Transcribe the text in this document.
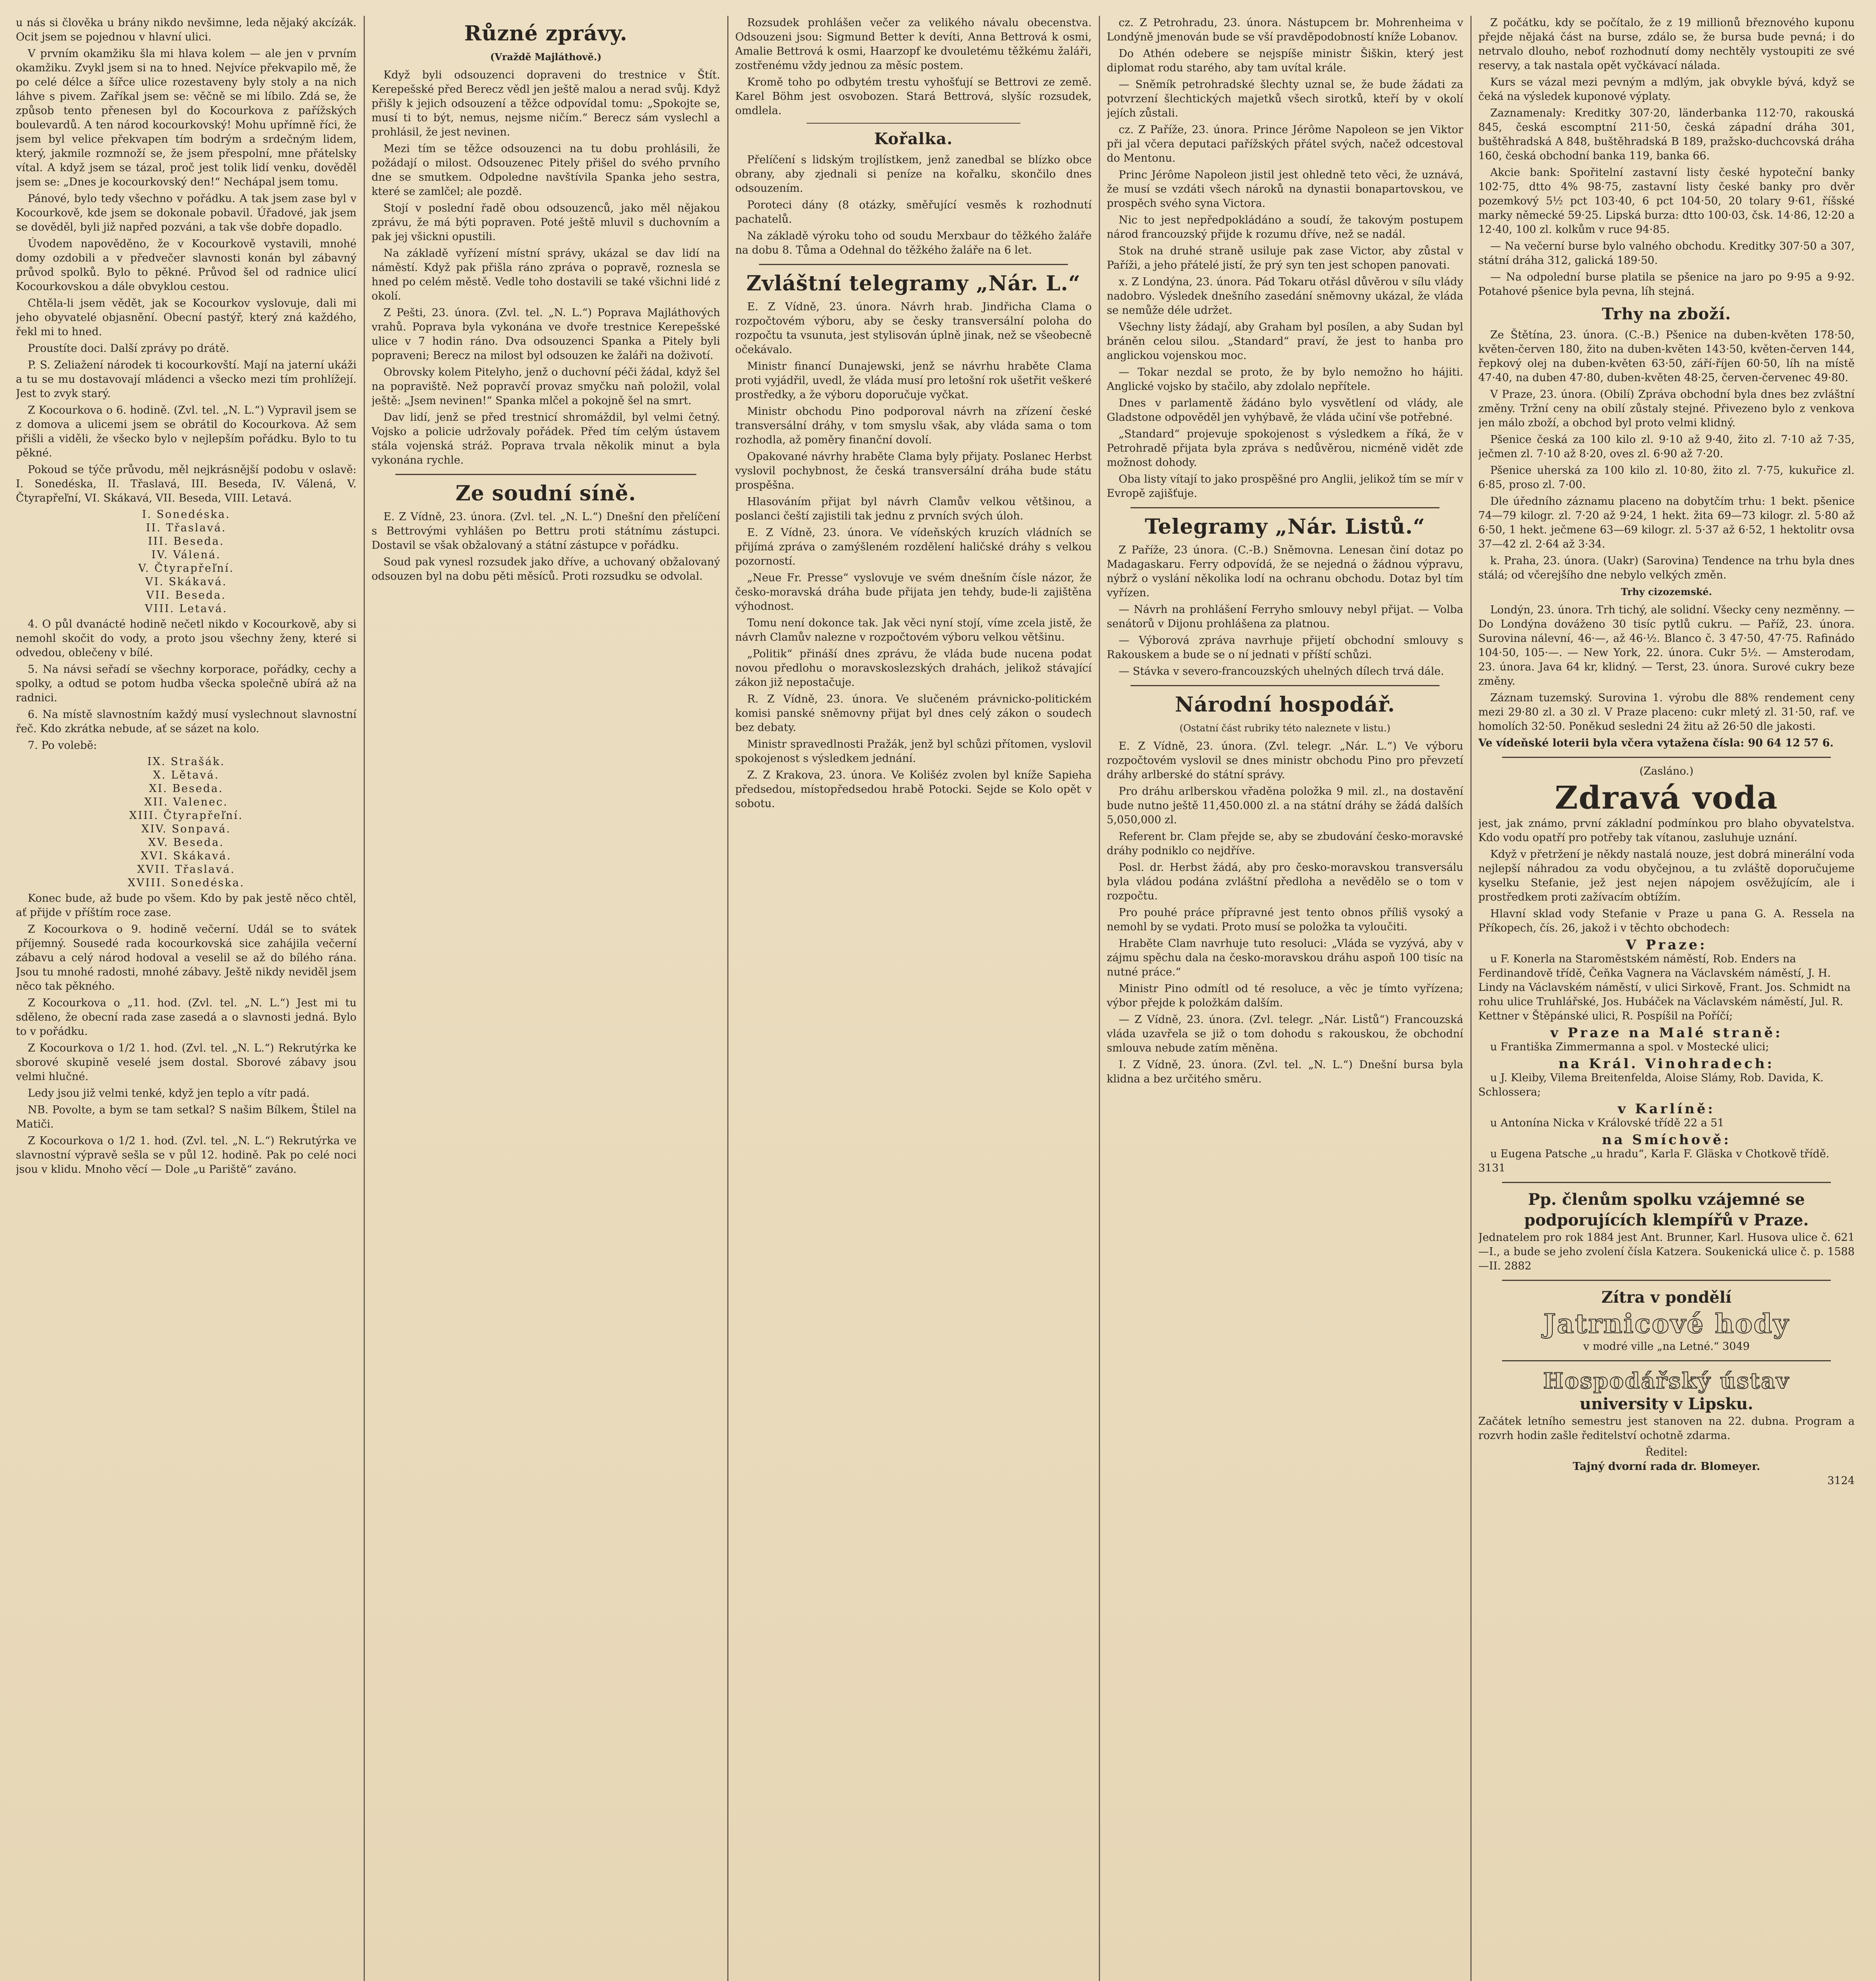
u nás si člověka u brány nikdo nevšimne, leda nějaký akcízák. Ocit jsem se pojednou v hlavní ulici.

V prvním okamžiku šla mi hlava kolem — ale jen v prvním okamžiku. Zvykl jsem si na to hned. Nejvíce překvapilo mě, že po celé délce a šířce ulice rozestaveny byly stoly a na nich láhve s pivem. Zaříkal jsem se: věčně se mi líbilo. Zdá se, že způsob tento přenesen byl do Kocourkova z pařížských boulevardů. A ten národ kocourkovský! Mohu upřímně říci, že jsem byl velice překvapen tím bodrým a srdečným lidem, který, jakmile rozmnoží se, že jsem přespolní, mne přátelsky vítal. A když jsem se tázal, proč jest tolik lidí venku, dověděl jsem se: „Dnes je kocourkovský den!“ Nechápal jsem tomu.

Pánové, bylo tedy všechno v pořádku. A tak jsem zase byl v Kocourkově, kde jsem se dokonale pobavil. Úřadové, jak jsem se dověděl, byli již napřed pozváni, a tak vše dobře dopadlo.

Úvodem napověděno, že v Kocourkově vystavili, mnohé domy ozdobili a v předvečer slavnosti konán byl zábavný průvod spolků. Bylo to pěkné. Průvod šel od radnice ulicí Kocourkovskou a dále obvyklou cestou.

Chtěla-li jsem vědět, jak se Kocourkov vyslovuje, dali mi jeho obyvatelé objasnění. Obecní pastýř, který zná každého, řekl mi to hned.

Proustíte doci. Další zprávy po drátě.

P. S. Zeliažení národek ti kocourkovští. Mají na jaterní ukáži a tu se mu dostavovají mládenci a všecko mezi tím prohlížejí. Jest to zvyk starý.

Z Kocourkova o 6. hodině. (Zvl. tel. „N. L.“) Vypravil jsem se z domova a ulicemi jsem se obrátil do Kocourkova. Až sem přišli a viděli, že všecko bylo v nejlepším pořádku. Bylo to tu pěkné.

Pokoud se týče průvodu, měl nejkrásnější podobu v oslavě: I. Sonedéska, II. Třaslavá, III. Beseda, IV. Válená, V. Čtyrapřeľní, VI. Skákavá, VII. Beseda, VIII. Letavá.

I. Sonedéska.
II. Třaslavá.
III. Beseda.
IV. Válená.
V. Čtyrapřeľní.
VI. Skákavá.
VII. Beseda.
VIII. Letavá.

4. O půl dvanácté hodině nečetl nikdo v Kocourkově, aby si nemohl skočit do vody, a proto jsou všechny ženy, které si odvedou, oblečeny v bílé.

5. Na návsi seřadí se všechny korporace, pořádky, cechy a spolky, a odtud se potom hudba všecka společně ubírá až na radnici.

6. Na místě slavnostním každý musí vyslechnout slavnostní řeč. Kdo zkrátka nebude, ať se sázet na kolo.

7. Po volebě:

IX. Strašák.
X. Lětavá.
XI. Beseda.
XII. Valenec.
XIII. Čtyrapřeľní.
XIV. Sonpavá.
XV. Beseda.
XVI. Skákavá.
XVII. Třaslavá.
XVIII. Sonedéska.

Konec bude, až bude po všem. Kdo by pak jestě něco chtěl, ať přijde v příštím roce zase.

Z Kocourkova o 9. hodině večerní. Udál se to svátek příjemný. Sousedé rada kocourkovská sice zahájila večerní zábavu a celý národ hodoval a veselil se až do bílého rána. Jsou tu mnohé radosti, mnohé zábavy. Ještě nikdy neviděl jsem něco tak pěkného.

Z Kocourkova o „11. hod. (Zvl. tel. „N. L.“) Jest mi tu sděleno, že obecní rada zase zasedá a o slavnosti jedná. Bylo to v pořádku.

Z Kocourkova o 1/2 1. hod. (Zvl. tel. „N. L.“) Rekrutýrka ke sborové skupině veselé jsem dostal. Sborové zábavy jsou velmi hlučné.

Ledy jsou již velmi tenké, když jen teplo a vítr padá.

NB. Povolte, a bym se tam setkal? S našim Bílkem, Štilel na Matiči.

Z Kocourkova o 1/2 1. hod. (Zvl. tel. „N. L.“) Rekrutýrka ve slavnostní výpravě sešla se v půl 12. hodině. Pak po celé noci jsou v klidu. Mnoho věcí — Dole „u Pariště“ zaváno.

Různé zprávy.
(Vraždě Majláthově.)

Když byli odsouzenci dopraveni do trestnice v Štít. Kerepešské před Berecz vědl jen ještě malou a nerad svůj. Když přišly k jejich odsouzení a těžce odpovídal tomu: „Spokojte se, musí ti to být, nemus, nejsme ničím.“ Berecz sám vyslechl a prohlásil, že jest nevinen.

Mezi tím se těžce odsouzenci na tu dobu prohlásili, že požádají o milost. Odsouzenec Pitely přišel do svého prvního dne se smutkem. Odpoledne navštívila Spanka jeho sestra, které se zamlčel; ale pozdě.

Stojí v poslední řadě obou odsouzenců, jako měl nějakou zprávu, že má býti popraven. Poté ještě mluvil s duchovním a pak jej všickni opustili.

Na základě vyřízení místní správy, ukázal se dav lidí na náměstí. Když pak přišla ráno zpráva o popravě, roznesla se hned po celém městě. Vedle toho dostavili se také všichni lidé z okolí.

Z Pešti, 23. února. (Zvl. tel. „N. L.“) Poprava Majláthových vrahů. Poprava byla vykonána ve dvoře trestnice Kerepešské ulice v 7 hodin ráno. Dva odsouzenci Spanka a Pitely byli popraveni; Berecz na milost byl odsouzen ke žaláři na doživotí.

Obrovsky kolem Pitelyho, jenž o duchovní péči žádal, když šel na popraviště. Než popravčí provaz smyčku naň položil, volal ještě: „Jsem nevinen!“ Spanka mlčel a pokojně šel na smrt.

Dav lidí, jenž se před trestnicí shromáždil, byl velmi četný. Vojsko a policie udržovaly pořádek. Před tím celým ústavem stála vojenská stráž. Poprava trvala několik minut a byla vykonána rychle.

Ze soudní síně.

E. Z Vídně, 23. února. (Zvl. tel. „N. L.“) Dnešní den přelíčení s Bettrovými vyhlášen po Bettru proti státnímu zástupci. Dostavil se však obžalovaný a státní zástupce v pořádku.

Soud pak vynesl rozsudek jako dříve, a uchovaný obžalovaný odsouzen byl na dobu pěti měsíců. Proti rozsudku se odvolal.

Rozsudek prohlášen večer za velikého návalu obecenstva. Odsouzeni jsou: Sigmund Better k devíti, Anna Bettrová k osmi, Amalie Bettrová k osmi, Haarzopf ke dvouletému těžkému žaláři, zostřenému vždy jednou za měsíc postem.

Kromě toho po odbytém trestu vyhošťují se Bettrovi ze země. Karel Böhm jest osvobozen. Stará Bettrová, slyšíc rozsudek, omdlela.

Kořalka.

Přelíčení s lidským trojlístkem, jenž zanedbal se blízko obce obrany, aby zjednali si peníze na kořalku, skončilo dnes odsouzením.

Poroteci dány (8 otázky, směřující vesměs k rozhodnutí pachatelů.

Na základě výroku toho od soudu Merxbaur do těžkého žaláře na dobu 8. Tůma a Odehnal do těžkého žaláře na 6 let.

Zvláštní telegramy „Nár. L.“

E. Z Vídně, 23. února. Návrh hrab. Jindřicha Clama o rozpočtovém výboru, aby se česky transversální poloha do rozpočtu ta vsunuta, jest stylisován úplně jinak, než se všeobecně očekávalo.

Ministr financí Dunajewski, jenž se návrhu hraběte Clama proti vyjádřil, uvedl, že vláda musí pro letošní rok ušetřit veškeré prostředky, a že výboru doporučuje vyčkat.

Ministr obchodu Pino podporoval návrh na zřízení české transversální dráhy, v tom smyslu však, aby vláda sama o tom rozhodla, až poměry finanční dovolí.

Opakované návrhy hraběte Clama byly přijaty. Poslanec Herbst vyslovil pochybnost, že česká transversální dráha bude státu prospěšna.

Hlasováním přijat byl návrh Clamův velkou většinou, a poslanci čeští zajistili tak jednu z prvních svých úloh.

E. Z Vídně, 23. února. Ve vídeňských kruzích vládních se přijímá zpráva o zamýšleném rozdělení haličské dráhy s velkou pozorností.

„Neue Fr. Presse“ vyslovuje ve svém dnešním čísle názor, že česko-moravská dráha bude přijata jen tehdy, bude-li zajištěna výhodnost.

Tomu není dokonce tak. Jak věci nyní stojí, víme zcela jistě, že návrh Clamův nalezne v rozpočtovém výboru velkou většinu.

„Politik“ přináší dnes zprávu, že vláda bude nucena podat novou předlohu o moravskoslezských drahách, jelikož stávající zákon již nepostačuje.

R. Z Vídně, 23. února. Ve slučeném právnicko-politickém komisi panské sněmovny přijat byl dnes celý zákon o soudech bez debaty.

Ministr spravedlnosti Pražák, jenž byl schůzi přítomen, vyslovil spokojenost s výsledkem jednání.

Z. Z Krakova, 23. února. Ve Kolišéz zvolen byl kníže Sapieha předsedou, místopředsedou hrabě Potocki. Sejde se Kolo opět v sobotu.

cz. Z Petrohradu, 23. února. Nástupcem br. Mohrenheima v Londýně jmenován bude se vší pravděpodobností kníže Lobanov.

Do Athén odebere se nejspíše ministr Šiškin, který jest diplomat rodu starého, aby tam uvítal krále.

— Sněmík petrohradské šlechty uznal se, že bude žádati za potvrzení šlechtických majetků všech sirotků, kteří by v okolí jejích zůstali.

cz. Z Paříže, 23. února. Prince Jérôme Napoleon se jen Viktor při jal včera deputaci pařížských přátel svých, načež odcestoval do Mentonu.

Princ Jérôme Napoleon jistil jest ohledně teto věci, že uznává, že musí se vzdáti všech nároků na dynastii bonapartovskou, ve prospěch svého syna Victora.

Nic to jest nepředpokládáno a soudí, že takovým postupem národ francouzský přijde k rozumu dříve, než se nadál.

Stok na druhé straně usiluje pak zase Victor, aby zůstal v Paříži, a jeho přátelé jistí, že prý syn ten jest schopen panovati.

x. Z Londýna, 23. února. Pád Tokaru otřásl důvěrou v sílu vlády nadobro. Výsledek dnešního zasedání sněmovny ukázal, že vláda se nemůže déle udržet.

Všechny listy žádají, aby Graham byl posílen, a aby Sudan byl bráněn celou silou. „Standard“ praví, že jest to hanba pro anglickou vojenskou moc.

— Tokar nezdal se proto, že by bylo nemožno ho hájiti. Anglické vojsko by stačilo, aby zdolalo nepřítele.

Dnes v parlamentě žádáno bylo vysvětlení od vlády, ale Gladstone odpověděl jen vyhýbavě, že vláda učiní vše potřebné.

„Standard“ projevuje spokojenost s výsledkem a říká, že v Petrohradě přijata byla zpráva s nedůvěrou, nicméně vidět zde možnost dohody.

Oba listy vítají to jako prospěšné pro Anglii, jelikož tím se mír v Evropě zajišťuje.

Telegramy „Nár. Listů.“

Z Paříže, 23 února. (C.-B.) Sněmovna. Lenesan činí dotaz po Madagaskaru. Ferry odpovídá, že se nejedná o žádnou výpravu, nýbrž o vyslání několika lodí na ochranu obchodu. Dotaz byl tím vyřízen.

— Návrh na prohlášení Ferryho smlouvy nebyl přijat. — Volba senátorů v Dijonu prohlášena za platnou.

— Výborová zpráva navrhuje přijetí obchodní smlouvy s Rakouskem a bude se o ní jednati v příští schůzi.

— Stávka v severo-francouzských uhelných dílech trvá dále.

Národní hospodář.
(Ostatní část rubriky této naleznete v listu.)

E. Z Vídně, 23. února. (Zvl. telegr. „Nár. L.“) Ve výboru rozpočtovém vyslovil se dnes ministr obchodu Pino pro převzetí dráhy arlberské do státní správy.

Pro dráhu arlberskou vřaděna položka 9 mil. zl., na dostavění bude nutno ještě 11,450.000 zl. a na státní dráhy se žádá dalších 5,050,000 zl.

Referent br. Clam přejde se, aby se zbudování česko-moravské dráhy podniklo co nejdříve.

Posl. dr. Herbst žádá, aby pro česko-moravskou transversálu byla vládou podána zvláštní předloha a nevědělo se o tom v rozpočtu.

Pro pouhé práce přípravné jest tento obnos příliš vysoký a nemohl by se vydati. Proto musí se položka ta vyloučiti.

Hraběte Clam navrhuje tuto resoluci: „Vláda se vyzývá, aby v zájmu spěchu dala na česko-moravskou dráhu aspoň 100 tisíc na nutné práce.“

Ministr Pino odmítl od té resoluce, a věc je tímto vyřízena; výbor přejde k položkám dalším.

— Z Vídně, 23. února. (Zvl. telegr. „Nár. Listů“) Francouzská vláda uzavřela se již o tom dohodu s rakouskou, že obchodní smlouva nebude zatím měněna.

I. Z Vídně, 23. února. (Zvl. tel. „N. L.“) Dnešní bursa byla klidna a bez určitého směru.

Z počátku, kdy se počítalo, že z 19 millionů březnového kuponu přejde nějaká část na burse, zdálo se, že bursa bude pevná; i do netrvalo dlouho, neboť rozhodnutí domy nechtěly vystoupiti ze své reservy, a tak nastala opět vyčkávací nálada.

Kurs se vázal mezi pevným a mdlým, jak obvykle bývá, když se čeká na výsledek kuponové výplaty.

Zaznamenaly: Kreditky 307·20, länderbanka 112·70, rakouská 845, česká escomptní 211·50, česká západní dráha 301, buštěhradská A 848, buštěhradská B 189, pražsko-duchcovská dráha 160, česká obchodní banka 119, banka 66.

Akcie bank: Spořitelní zastavní listy české hypoteční banky 102·75, dtto 4% 98·75, zastavní listy české banky pro dvěr pozemkový 5½ pct 103·40, 6 pct 104·50, 20 tolary 9·61, říšské marky německé 59·25. Lipská burza: dtto 100·03, čsk. 14·86, 12·20 a 12·40, 100 zl. kolkům v ruce 94·85.

— Na večerní burse bylo valného obchodu. Kreditky 307·50 a 307, státní dráha 312, galická 189·50.

— Na odpolední burse platila se pšenice na jaro po 9·95 a 9·92. Potahové pšenice byla pevna, líh stejná.

Trhy na zboží.

Ze Štětína, 23. února. (C.-B.) Pšenice na duben-květen 178·50, květen-červen 180, žito na duben-květen 143·50, květen-červen 144, řepkový olej na duben-květen 63·50, září-říjen 60·50, líh na místě 47·40, na duben 47·80, duben-květen 48·25, červen-červenec 49·80.

V Praze, 23. února. (Obilí) Zpráva obchodní byla dnes bez zvláštní změny. Tržní ceny na obilí zůstaly stejné. Přivezeno bylo z venkova jen málo zboží, a obchod byl proto velmi klidný.

Pšenice česká za 100 kilo zl. 9·10 až 9·40, žito zl. 7·10 až 7·35, ječmen zl. 7·10 až 8·20, oves zl. 6·90 až 7·20.

Pšenice uherská za 100 kilo zl. 10·80, žito zl. 7·75, kukuřice zl. 6·85, proso zl. 7·00.

Dle úředního záznamu placeno na dobytčím trhu: 1 bekt. pšenice 74—79 kilogr. zl. 7·20 až 9·24, 1 hekt. žita 69—73 kilogr. zl. 5·80 až 6·50, 1 hekt. ječmene 63—69 kilogr. zl. 5·37 až 6·52, 1 hektolitr ovsa 37—42 zl. 2·64 až 3·34.

k. Praha, 23. února. (Uakr) (Sarovina) Tendence na trhu byla dnes stálá; od včerejšího dne nebylo velkých změn.

Trhy cizozemské.

Londýn, 23. února. Trh tichý, ale solidní. Všecky ceny nezměnny. — Do Londýna dováženo 30 tisíc pytlů cukru. — Paříž, 23. února. Surovina nálevní, 46·—, až 46·½. Blanco č. 3 47·50, 47·75. Rafinádo 104·50, 105·—. — New York, 22. února. Cukr 5½. — Amsterodam, 23. února. Java 64 kr, klidný. — Terst, 23. února. Surové cukry beze změny.

Záznam tuzemský. Surovina 1. výrobu dle 88% rendement ceny mezi 29·80 zl. a 30 zl. V Praze placeno: cukr mletý zl. 31·50, raf. ve homolích 32·50. Poněkud sesledni 24 žitu až 26·50 dle jakosti.

Ve vídeňské loterii byla včera vytažena čísla: 90 64 12 57 6.

(Zasláno.)
Zdravá voda

jest, jak známo, první základní podmínkou pro blaho obyvatelstva. Kdo vodu opatří pro potřeby tak vítanou, zasluhuje uznání.

Když v přetržení je někdy nastalá nouze, jest dobrá minerální voda nejlepší náhradou za vodu obyčejnou, a tu zvláště doporučujeme kyselku Stefanie, jež jest nejen nápojem osvěžujícím, ale i prostředkem proti zažívacím obtížím.

Hlavní sklad vody Stefanie v Praze u pana G. A. Ressela na Příkopech, čís. 26, jakož i v těchto obchodech:

V Praze:

u F. Konerla na Staroměstském náměstí, Rob. Enders na Ferdinandově třídě, Čeňka Vagnera na Václavském náměstí, J. H. Lindy na Václavském náměstí, v ulici Sirkově, Frant. Jos. Schmidt na rohu ulice Truhlářské, Jos. Hubáček na Václavském náměstí, Jul. R. Kettner v Štěpánské ulici, R. Pospíšil na Poříčí;

v Praze na Malé straně:

u Františka Zimmermanna a spol. v Mostecké ulici;

na Král. Vinohradech:

u J. Kleiby, Vilema Breitenfelda, Aloise Slámy, Rob. Davida, K. Schlossera;

v Karlíně:

u Antonína Nicka v Královské třídě 22 a 51

na Smíchově:

u Eugena Patsche „u hradu“, Karla F. Gläska v Chotkově třídě. 3131

Pp. členům spolku vzájemné se podporujících klempířů v Praze.

Jednatelem pro rok 1884 jest Ant. Brunner, Karl. Husova ulice č. 621—I., a bude se jeho zvolení čísla Katzera. Soukenická ulice č. p. 1588—II. 2882

Zítra v pondělí
Jatrnicové hody
v modré ville „na Letné.“ 3049
Hospodářský ústav
university v Lipsku.

Začátek letního semestru jest stanoven na 22. dubna. Program a rozvrh hodin zašle ředitelství ochotně zdarma.

Ředitel:
Tajný dvorní rada dr. Blomeyer.
3124
